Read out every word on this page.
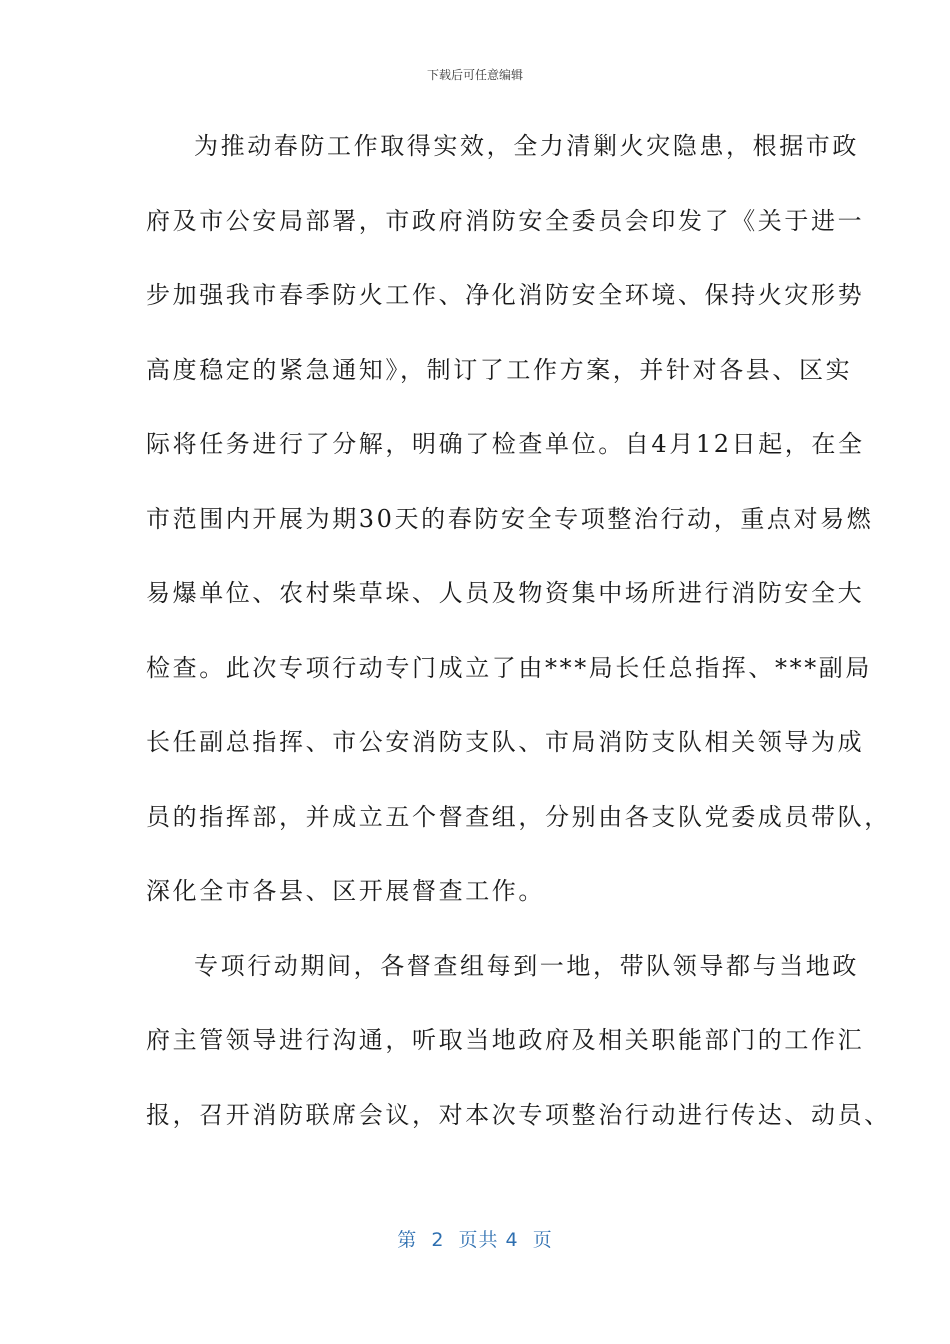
下载后可任意编辑
为推动春防工作取得实效，全力清剿火灾隐患，根据市政
府及市公安局部署，市政府消防安全委员会印发了《关于进一
步加强我市春季防火工作、净化消防安全环境、保持火灾形势
高度稳定的紧急通知》，制订了工作方案，并针对各县、区实
际将任务进行了分解，明确了检查单位。自4月12日起，在全
市范围内开展为期30天的春防安全专项整治行动，重点对易燃
易爆单位、农村柴草垛、人员及物资集中场所进行消防安全大
检查。此次专项行动专门成立了由***局长任总指挥、***副局
长任副总指挥、市公安消防支队、市局消防支队相关领导为成
员的指挥部，并成立五个督查组，分别由各支队党委成员带队，
深化全市各县、区开展督查工作。
专项行动期间，各督查组每到一地，带队领导都与当地政
府主管领导进行沟通，听取当地政府及相关职能部门的工作汇
报，召开消防联席会议，对本次专项整治行动进行传达、动员、
第  2  页共 4  页
